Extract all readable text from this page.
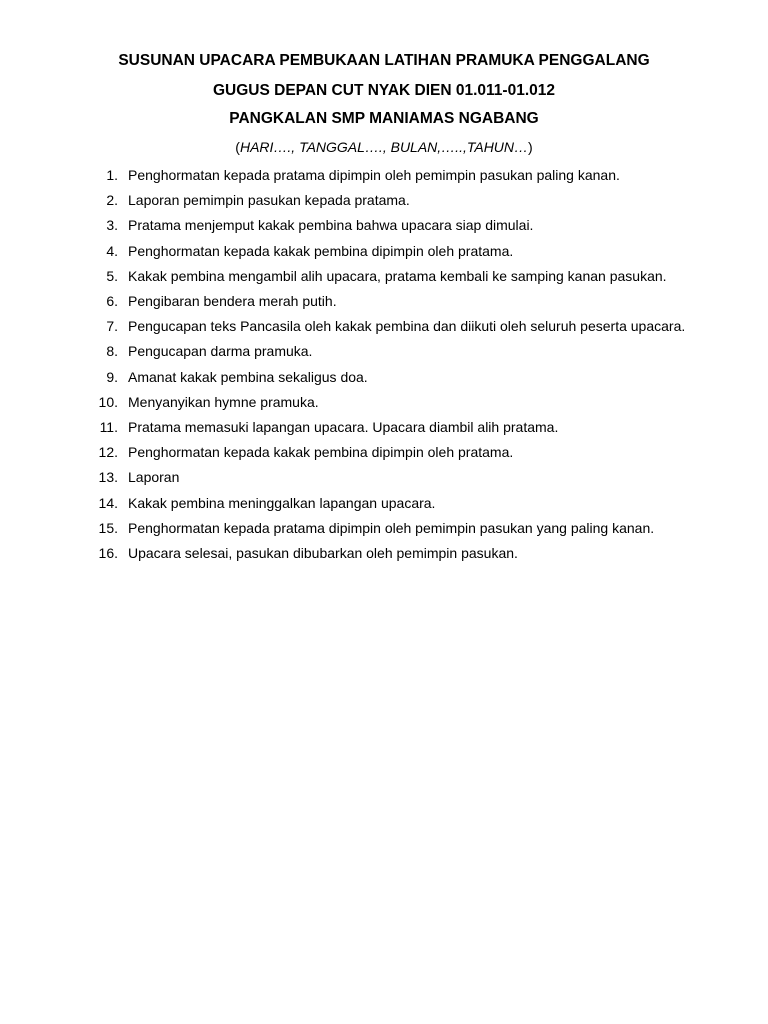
SUSUNAN UPACARA PEMBUKAAN LATIHAN PRAMUKA PENGGALANG
GUGUS DEPAN CUT NYAK DIEN 01.011-01.012
PANGKALAN SMP MANIAMAS NGABANG
(HARI…., TANGGAL…., BULAN,…..,TAHUN…)
1. Penghormatan kepada pratama dipimpin oleh pemimpin pasukan paling kanan.
2. Laporan pemimpin pasukan kepada pratama.
3. Pratama menjemput kakak pembina bahwa upacara siap dimulai.
4. Penghormatan kepada kakak pembina dipimpin oleh pratama.
5. Kakak pembina mengambil alih upacara, pratama kembali ke samping kanan pasukan.
6. Pengibaran bendera merah putih.
7. Pengucapan teks Pancasila oleh kakak pembina dan diikuti oleh seluruh peserta upacara.
8. Pengucapan darma pramuka.
9. Amanat kakak pembina sekaligus doa.
10. Menyanyikan hymne pramuka.
11. Pratama memasuki lapangan upacara. Upacara diambil alih pratama.
12. Penghormatan kepada kakak pembina dipimpin oleh pratama.
13. Laporan
14. Kakak pembina meninggalkan lapangan upacara.
15. Penghormatan kepada pratama dipimpin oleh pemimpin pasukan yang paling kanan.
16. Upacara selesai, pasukan dibubarkan oleh pemimpin pasukan.
